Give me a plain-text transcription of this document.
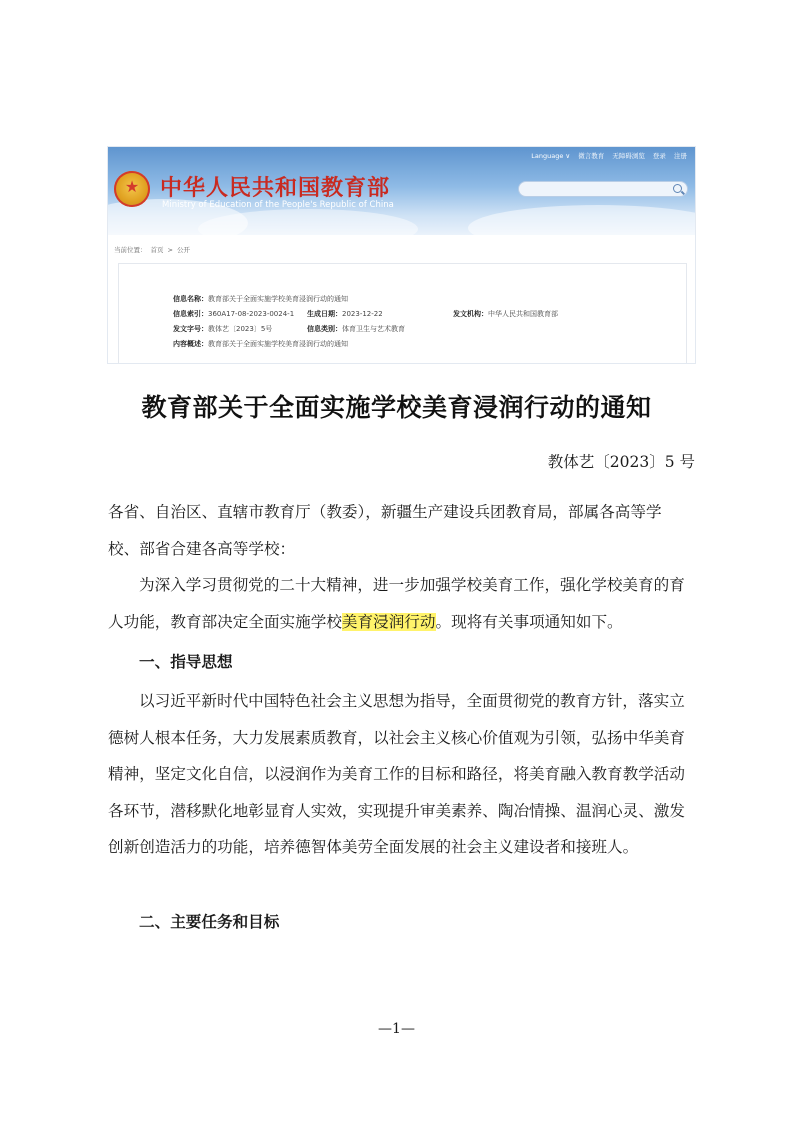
★
中华人民共和国教育部
Ministry of Education of the People's Republic of China
Language ∨ 微言教育 无障碍浏览 登录 注册
当前位置： 首页 > 公开
信息名称：教育部关于全面实施学校美育浸润行动的通知
信息索引：360A17-08-2023-0024-1 生成日期：2023-12-22	发文机构：中华人民共和国教育部
发文字号：教体艺〔2023〕5号	信息类别：体育卫生与艺术教育
内容概述：教育部关于全面实施学校美育浸润行动的通知
教育部关于全面实施学校美育浸润行动的通知
教体艺〔2023〕5 号
各省、自治区、直辖市教育厅（教委），新疆生产建设兵团教育局，部属各高等学校、部省合建各高等学校：
为深入学习贯彻党的二十大精神，进一步加强学校美育工作，强化学校美育的育人功能，教育部决定全面实施学校美育浸润行动。现将有关事项通知如下。
一、指导思想
以习近平新时代中国特色社会主义思想为指导，全面贯彻党的教育方针，落实立德树人根本任务，大力发展素质教育，以社会主义核心价值观为引领，弘扬中华美育精神，坚定文化自信，以浸润作为美育工作的目标和路径，将美育融入教育教学活动各环节，潜移默化地彰显育人实效，实现提升审美素养、陶冶情操、温润心灵、激发创新创造活力的功能，培养德智体美劳全面发展的社会主义建设者和接班人。
二、主要任务和目标
—1—
